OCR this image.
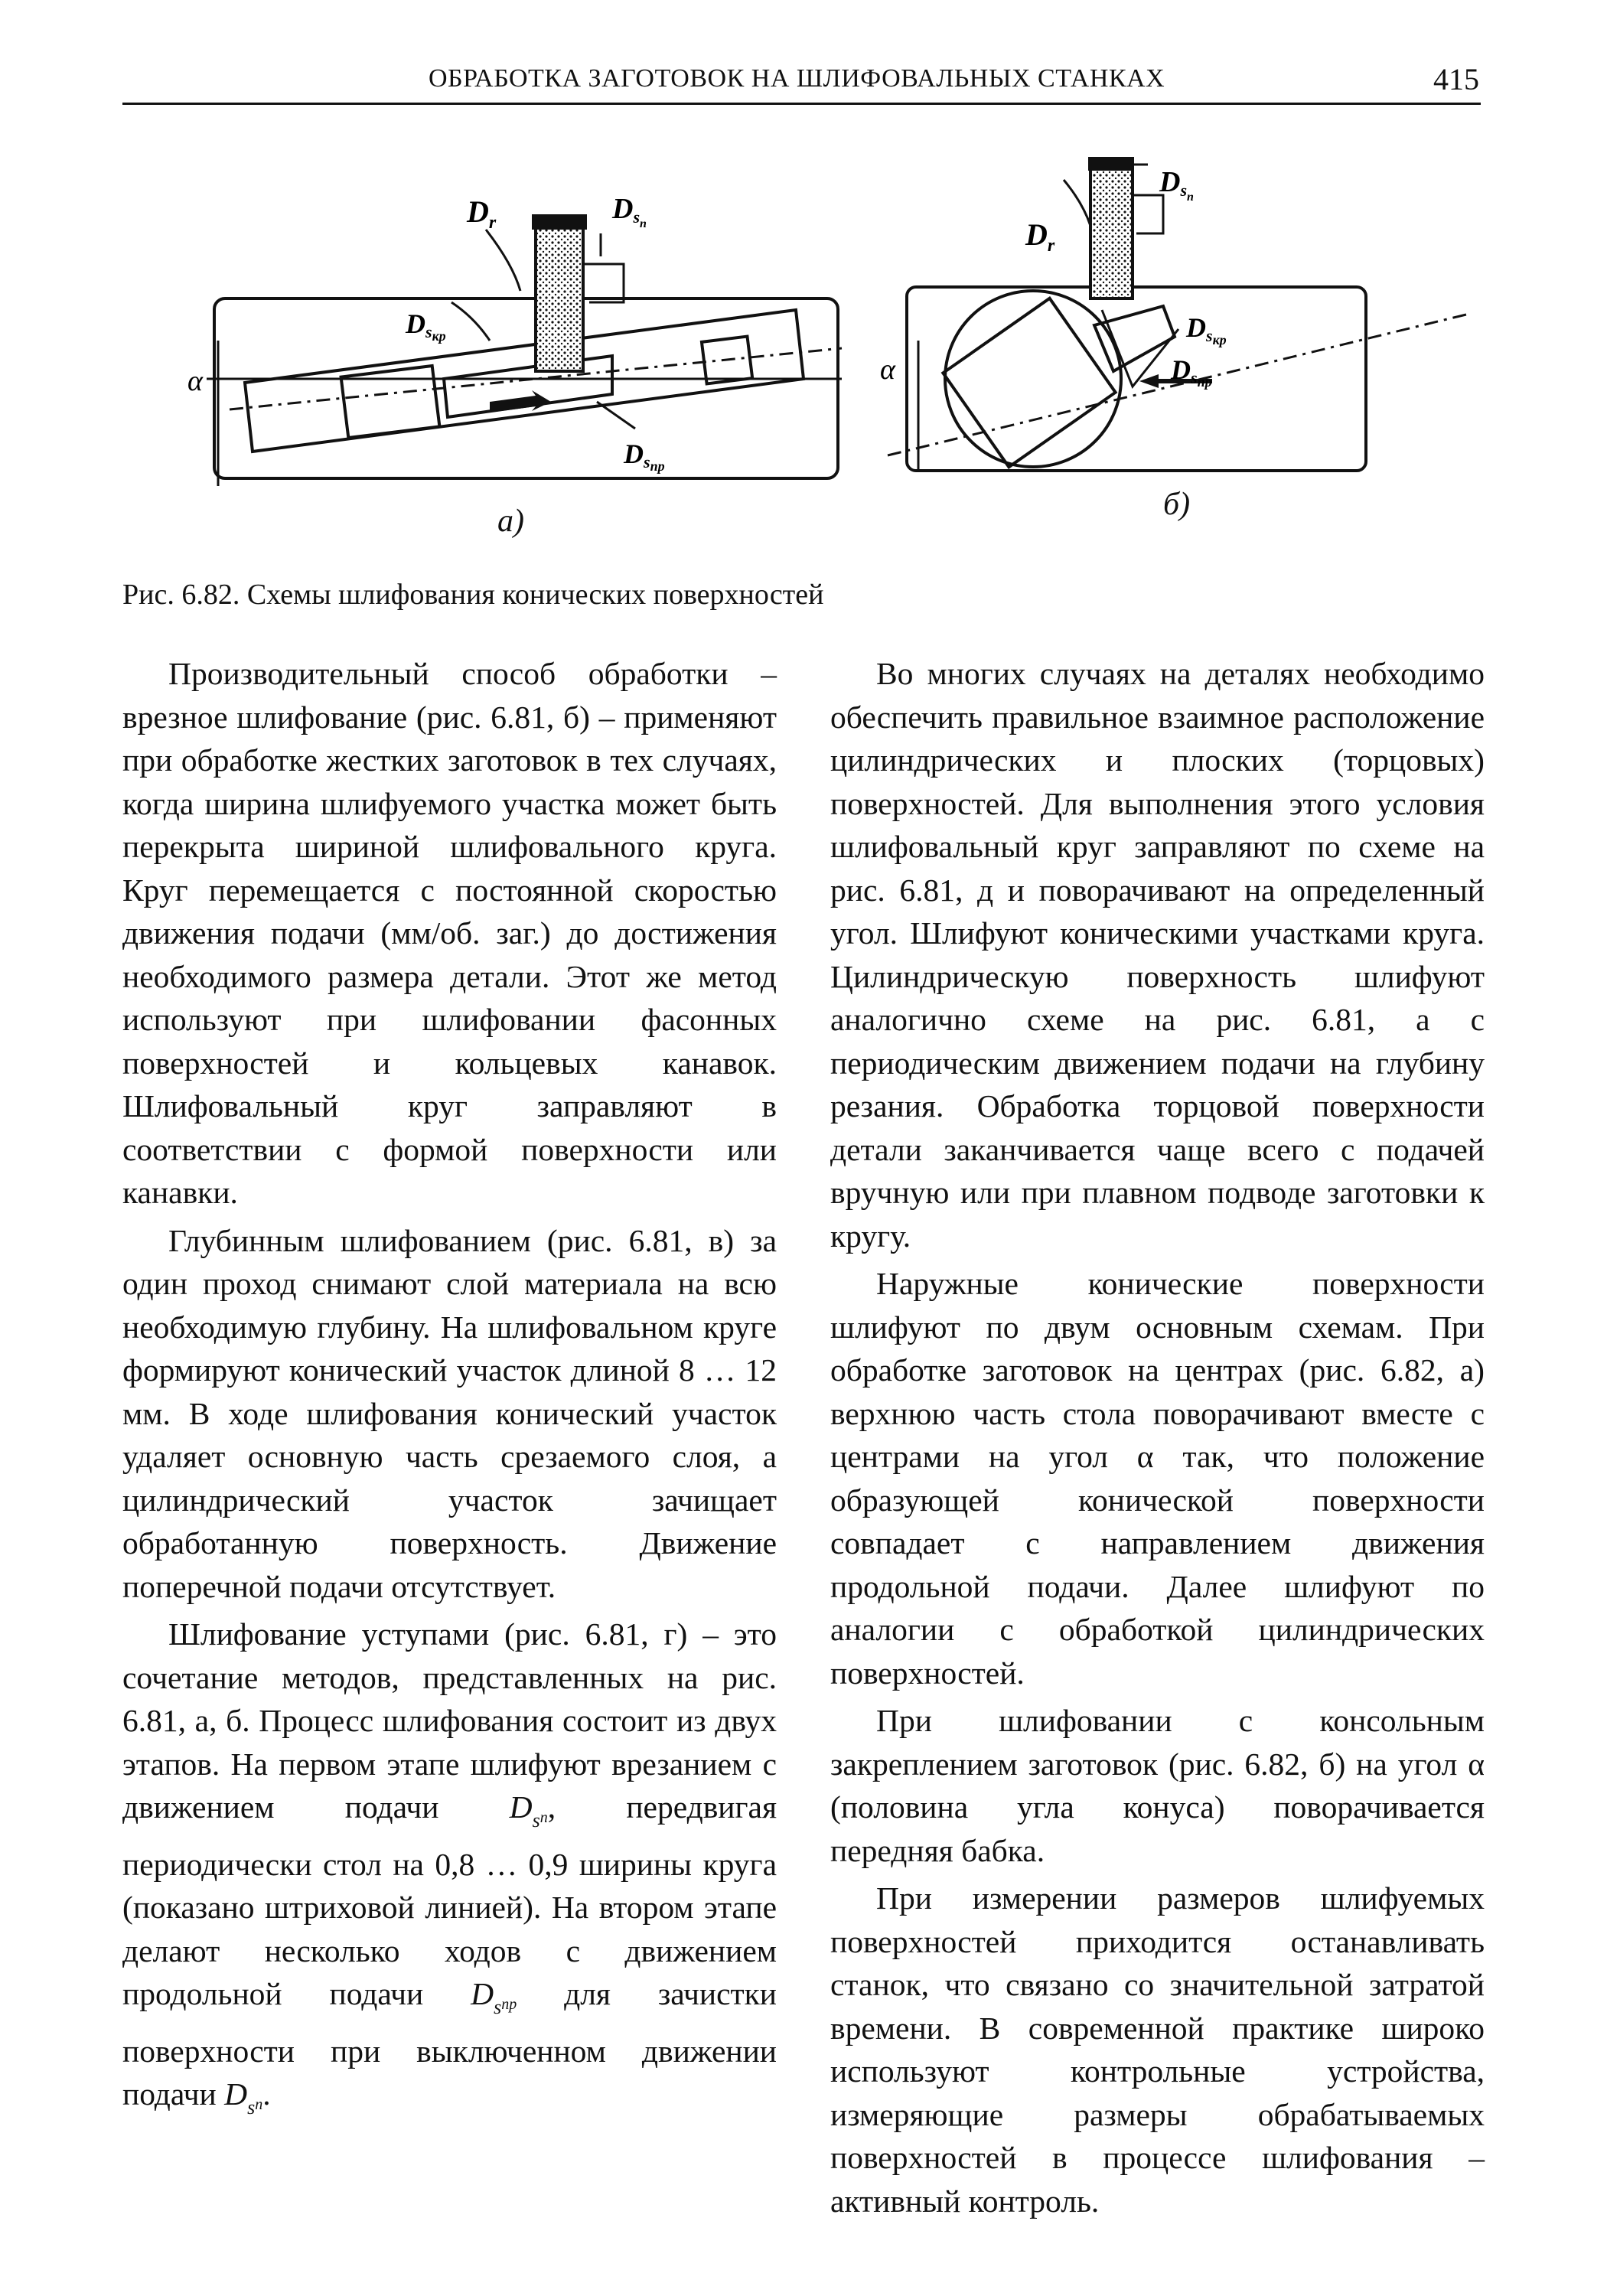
ОБРАБОТКА ЗАГОТОВОК НА ШЛИФОВАЛЬНЫХ СТАНКАХ	415
α
$D_r$	Dsп
Dsкр
Dsпр
α
$D_r$
Dsп
Dsкр
Dsпр
а)	б)
Рис. 6.82. Схемы шлифования конических поверхностей

Производительный способ обработки – врезное шлифование (рис. 6.81, б) – применяют при обработке жестких заготовок в тех случаях, когда ширина шлифуемого участка может быть перекрыта шириной шлифовального круга. Круг перемещается с постоянной скоростью движения подачи (мм/об. заг.) до достижения необходимого размера детали. Этот же метод используют при шлифовании фасонных поверхностей и кольцевых канавок. Шлифовальный круг заправляют в соответствии с формой поверхности или канавки.

Глубинным шлифованием (рис. 6.81, в) за один проход снимают слой материала на всю необходимую глубину. На шлифовальном круге формируют конический участок длиной 8 … 12 мм. В ходе шлифования конический участок удаляет основную часть срезаемого слоя, а цилиндрический участок зачищает обработанную поверхность. Движение поперечной подачи отсутствует.

Шлифование уступами (рис. 6.81, г) – это сочетание методов, представленных на рис. 6.81, а, б. Процесс шлифования состоит из двух этапов. На первом этапе шлифуют врезанием с движением подачи $D_sп$, передвигая периодически стол на 0,8 … 0,9 ширины круга (показано штриховой линией). На втором этапе делают несколько ходов с движением продольной подачи $D_sпр$ для зачистки поверхности при выключенном движении подачи $D_sп$.

Во многих случаях на деталях необходимо обеспечить правильное взаимное расположение цилиндрических и плоских (торцовых) поверхностей. Для выполнения этого условия шлифовальный круг заправляют по схеме на рис. 6.81, д и поворачивают на определенный угол. Шлифуют коническими участками круга. Цилиндрическую поверхность шлифуют аналогично схеме на рис. 6.81, а с периодическим движением подачи на глубину резания. Обработка торцовой поверхности детали заканчивается чаще всего с подачей вручную или при плавном подводе заготовки к кругу.

Наружные конические поверхности шлифуют по двум основным схемам. При обработке заготовок на центрах (рис. 6.82, а) верхнюю часть стола поворачивают вместе с центрами на угол α так, что положение образующей конической поверхности совпадает с направлением движения продольной подачи. Далее шлифуют по аналогии с обработкой цилиндрических поверхностей.

При шлифовании с консольным закреплением заготовок (рис. 6.82, б) на угол α (половина угла конуса) поворачивается передняя бабка.

При измерении размеров шлифуемых поверхностей приходится останавливать станок, что связано со значительной затратой времени. В современной практике широко используют контрольные устройства, измеряющие размеры обрабатываемых поверхностей в процессе шлифования – активный контроль.
